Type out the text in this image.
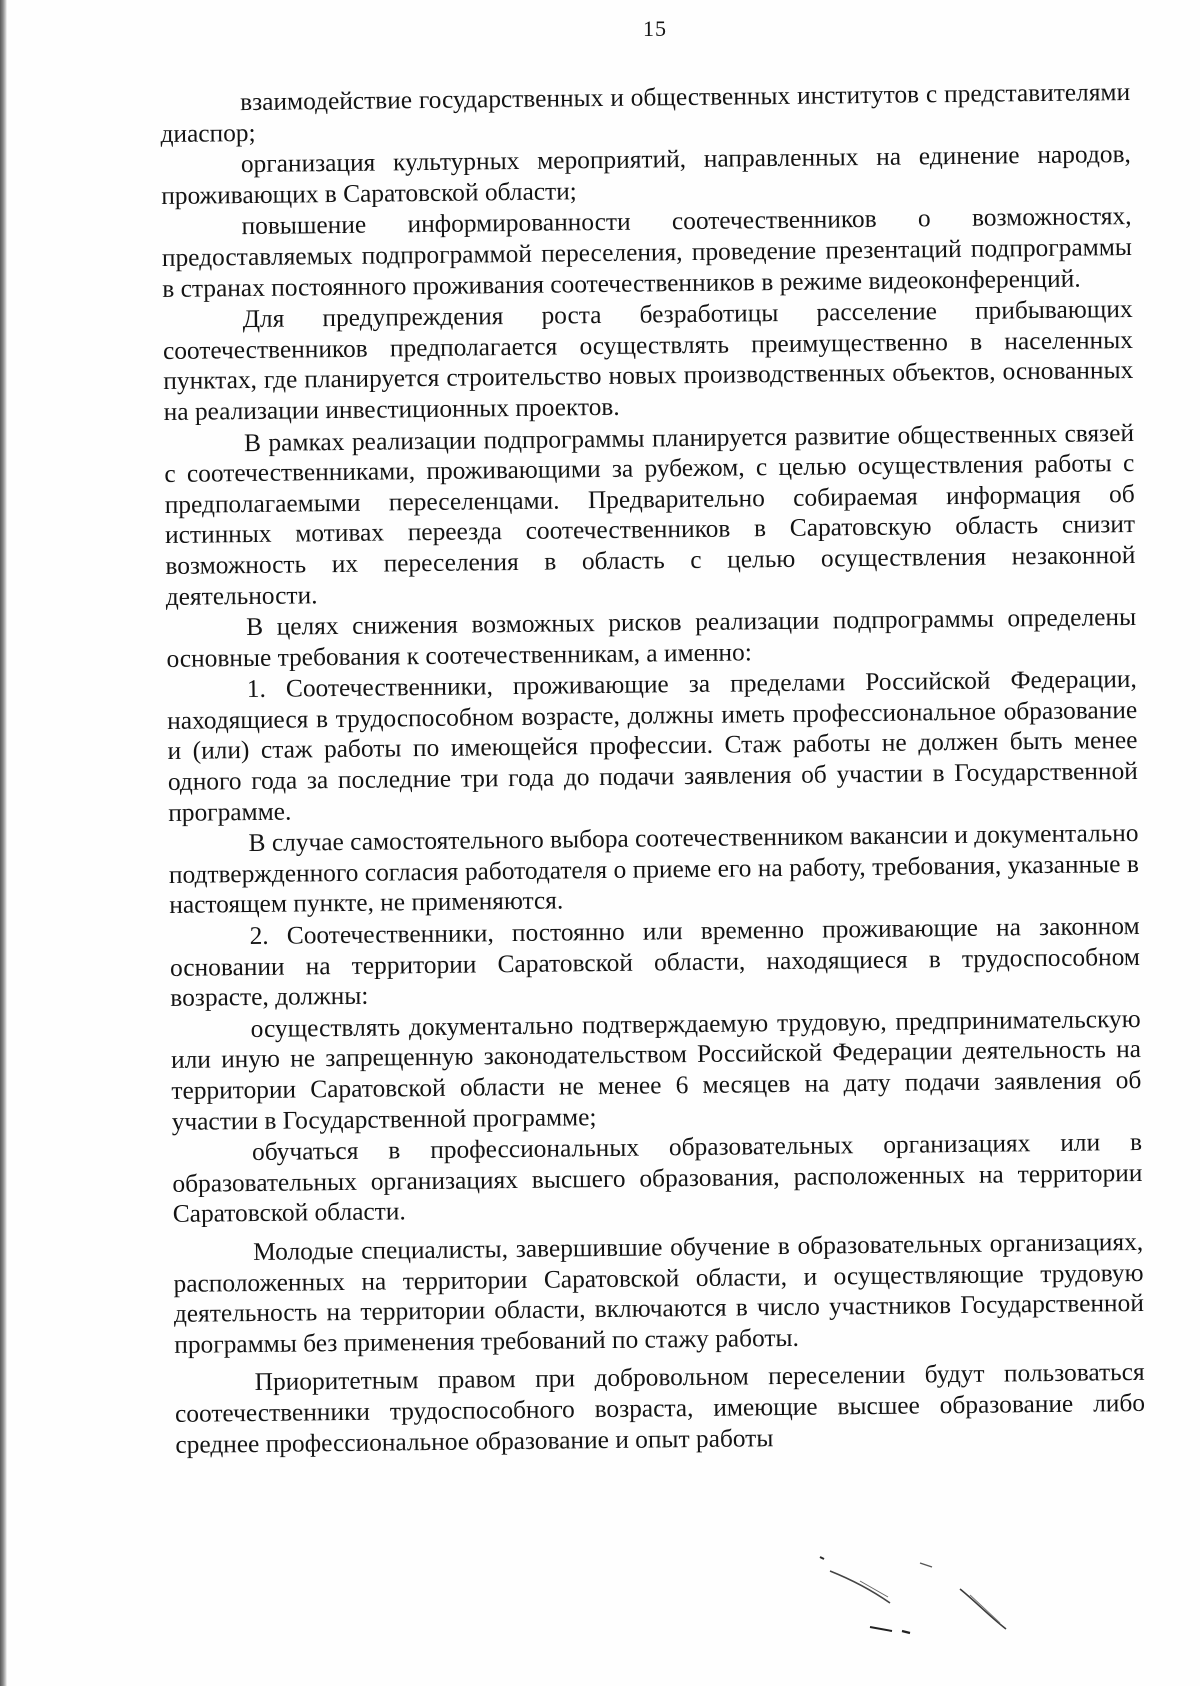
15

взаимодействие государственных и общественных институтов с представителями диаспор;

организация культурных мероприятий, направленных на единение народов, проживающих в Саратовской области;

повышение информированности соотечественников о возможностях, предоставляемых подпрограммой переселения, проведение презентаций подпрограммы в странах постоянного проживания соотечественников в режиме видеоконференций.

Для предупреждения роста безработицы расселение прибывающих соотечественников предполагается осуществлять преимущественно в населенных пунктах, где планируется строительство новых производственных объектов, основанных на реализации инвестиционных проектов.

В рамках реализации подпрограммы планируется развитие общественных связей с соотечественниками, проживающими за рубежом, с целью осуществления работы с предполагаемыми переселенцами. Предварительно собираемая информация об истинных мотивах переезда соотечественников в Саратовскую область снизит возможность их переселения в область с целью осуществления незаконной деятельности.

В целях снижения возможных рисков реализации подпрограммы определены основные требования к соотечественникам, а именно:

1. Соотечественники, проживающие за пределами Российской Федерации, находящиеся в трудоспособном возрасте, должны иметь профессиональное образование и (или) стаж работы по имеющейся профессии. Стаж работы не должен быть менее одного года за последние три года до подачи заявления об участии в Государственной программе.

В случае самостоятельного выбора соотечественником вакансии и документально подтвержденного согласия работодателя о приеме его на работу, требования, указанные в настоящем пункте, не применяются.

2. Соотечественники, постоянно или временно проживающие на законном основании на территории Саратовской области, находящиеся в трудоспособном возрасте, должны:

осуществлять документально подтверждаемую трудовую, предпринимательскую или иную не запрещенную законодательством Российской Федерации деятельность на территории Саратовской области не менее 6 месяцев на дату подачи заявления об участии в Государственной программе;

обучаться в профессиональных образовательных организациях или в образовательных организациях высшего образования, расположенных на территории Саратовской области.

Молодые специалисты, завершившие обучение в образовательных организациях, расположенных на территории Саратовской области, и осуществляющие трудовую деятельность на территории области, включаются в число участников Государственной программы без применения требований по стажу работы.

Приоритетным правом при добровольном переселении будут пользоваться соотечественники трудоспособного возраста, имеющие высшее образование либо среднее профессиональное образование и опыт работы
